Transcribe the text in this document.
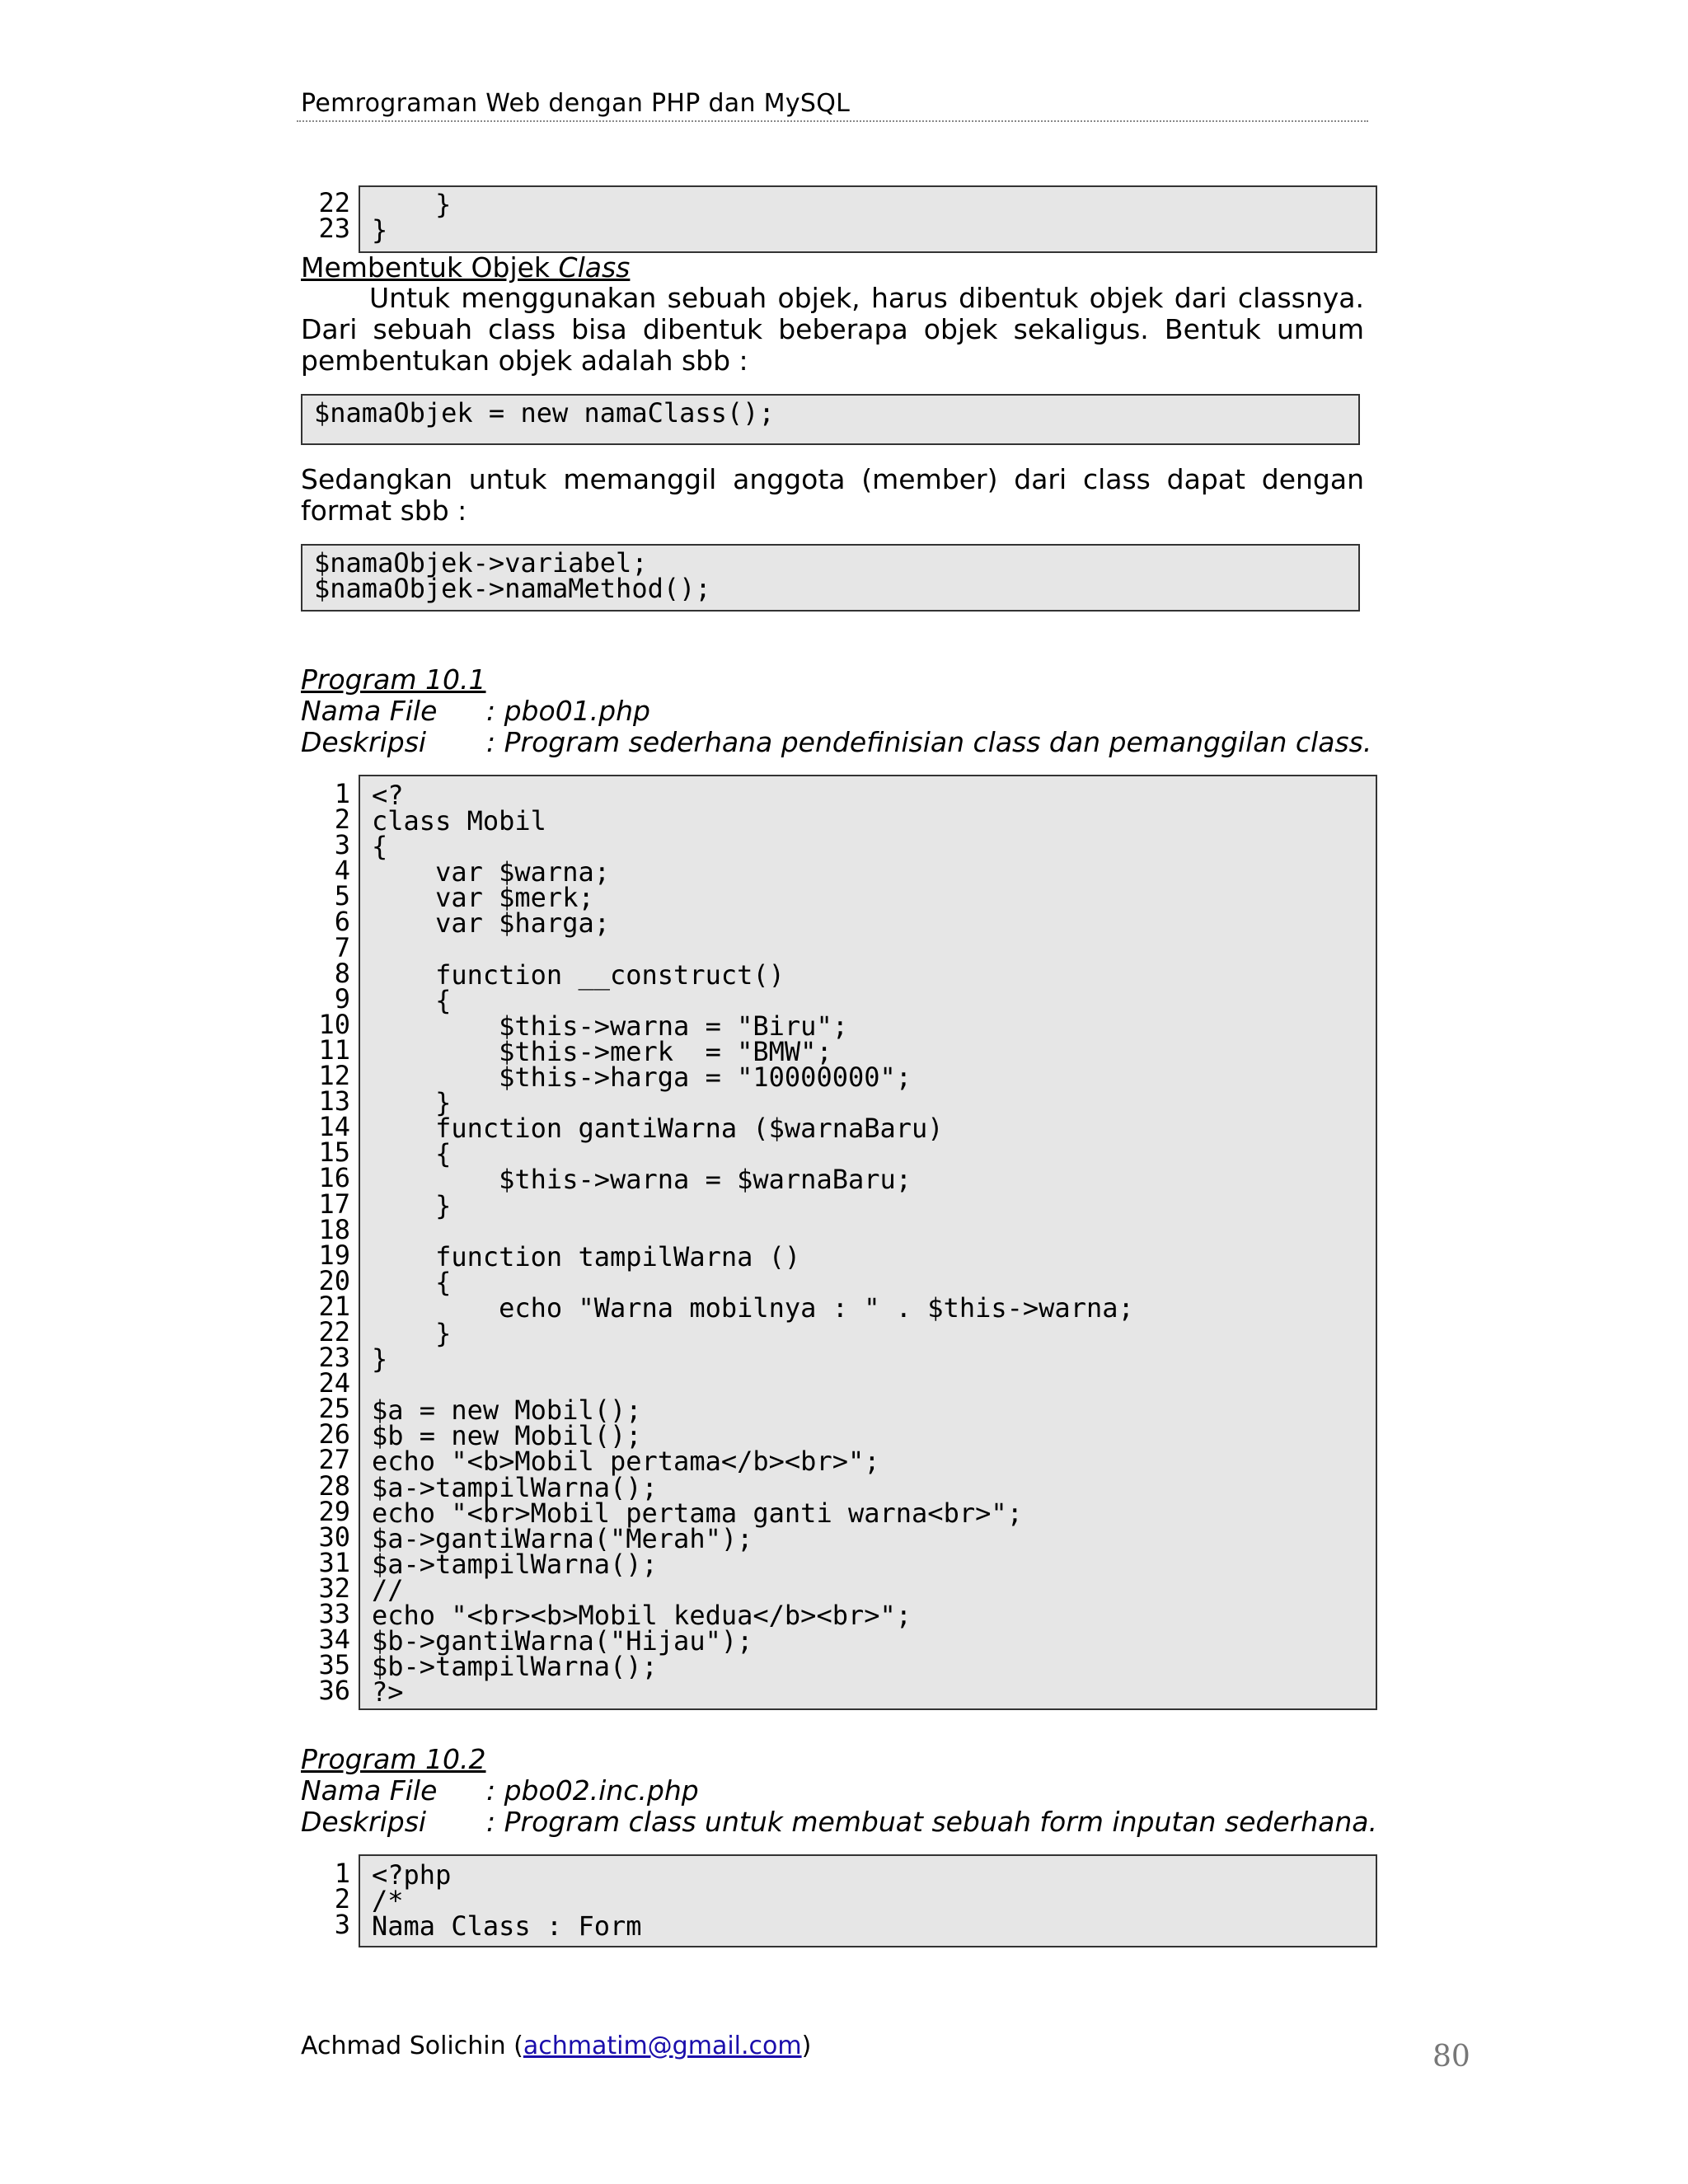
Pemrograman Web dengan PHP dan MySQL
22
23
}
}
Membentuk Objek Class
Untuk menggunakan sebuah objek, harus dibentuk objek dari classnya. Dari sebuah class bisa dibentuk beberapa objek sekaligus. Bentuk umum pembentukan objek adalah sbb :
$namaObjek = new namaClass();
Sedangkan untuk memanggil anggota (member) dari class dapat dengan format sbb :
$namaObjek->variabel;
$namaObjek->namaMethod();
Program 10.1
Nama File : pbo01.php
Deskripsi : Program sederhana pendefinisian class dan pemanggilan class.
1
2
3
4
5
6
7
8
9
10
11
12
13
14
15
16
17
18
19
20
21
22
23
24
25
26
27
28
29
30
31
32
33
34
35
36
<?
class Mobil
{
var $warna;
var $merk;
var $harga;
function __construct()
{
$this->warna = "Biru";
$this->merk  = "BMW";
$this->harga = "10000000";
}
function gantiWarna ($warnaBaru)
{
$this->warna = $warnaBaru;
}
function tampilWarna ()
{
echo "Warna mobilnya : " . $this->warna;
}
}
$a = new Mobil();
$b = new Mobil();
echo "<b>Mobil pertama</b><br>";
$a->tampilWarna();
echo "<br>Mobil pertama ganti warna<br>";
$a->gantiWarna("Merah");
$a->tampilWarna();
//
echo "<br><b>Mobil kedua</b><br>";
$b->gantiWarna("Hijau");
$b->tampilWarna();
?>
Program 10.2
Nama File : pbo02.inc.php
Deskripsi : Program class untuk membuat sebuah form inputan sederhana.
1
2
3
<?php
/*
Nama Class : Form
Achmad Solichin (achmatim@gmail.com)	80
